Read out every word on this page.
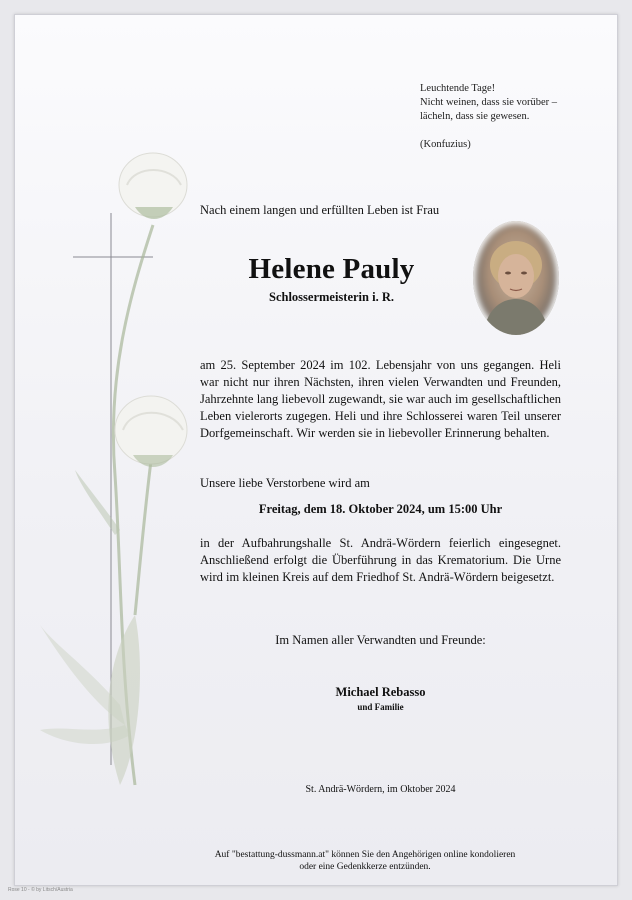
Leuchtende Tage!
Nicht weinen, dass sie vorüber –
lächeln, dass sie gewesen.
(Konfuzius)
Nach einem langen und erfüllten Leben ist Frau
Helene Pauly
Schlossermeisterin i. R.
am 25. September 2024 im 102. Lebensjahr von uns gegangen. Heli war nicht nur ihren Nächsten, ihren vielen Verwandten und Freunden, Jahrzehnte lang liebevoll zugewandt, sie war auch im gesellschaftlichen Leben vielerorts zugegen. Heli und ihre Schlosserei waren Teil unserer Dorfgemeinschaft. Wir werden sie in liebevoller Erinnerung behalten.
Unsere liebe Verstorbene wird am
Freitag, dem 18. Oktober 2024, um 15:00 Uhr
in der Aufbahrungshalle St. Andrä-Wördern feierlich eingesegnet. Anschließend erfolgt die Überführung in das Krematorium. Die Urne wird im kleinen Kreis auf dem Friedhof St. Andrä-Wördern beigesetzt.
Im Namen aller Verwandten und Freunde:
Michael Rebasso
und Familie
St. Andrä-Wördern, im Oktober 2024
Auf "bestattung-dussmann.at" können Sie den Angehörigen online kondolieren
oder eine Gedenkkerze entzünden.
Rose 10 - © by Litsch/Austria
